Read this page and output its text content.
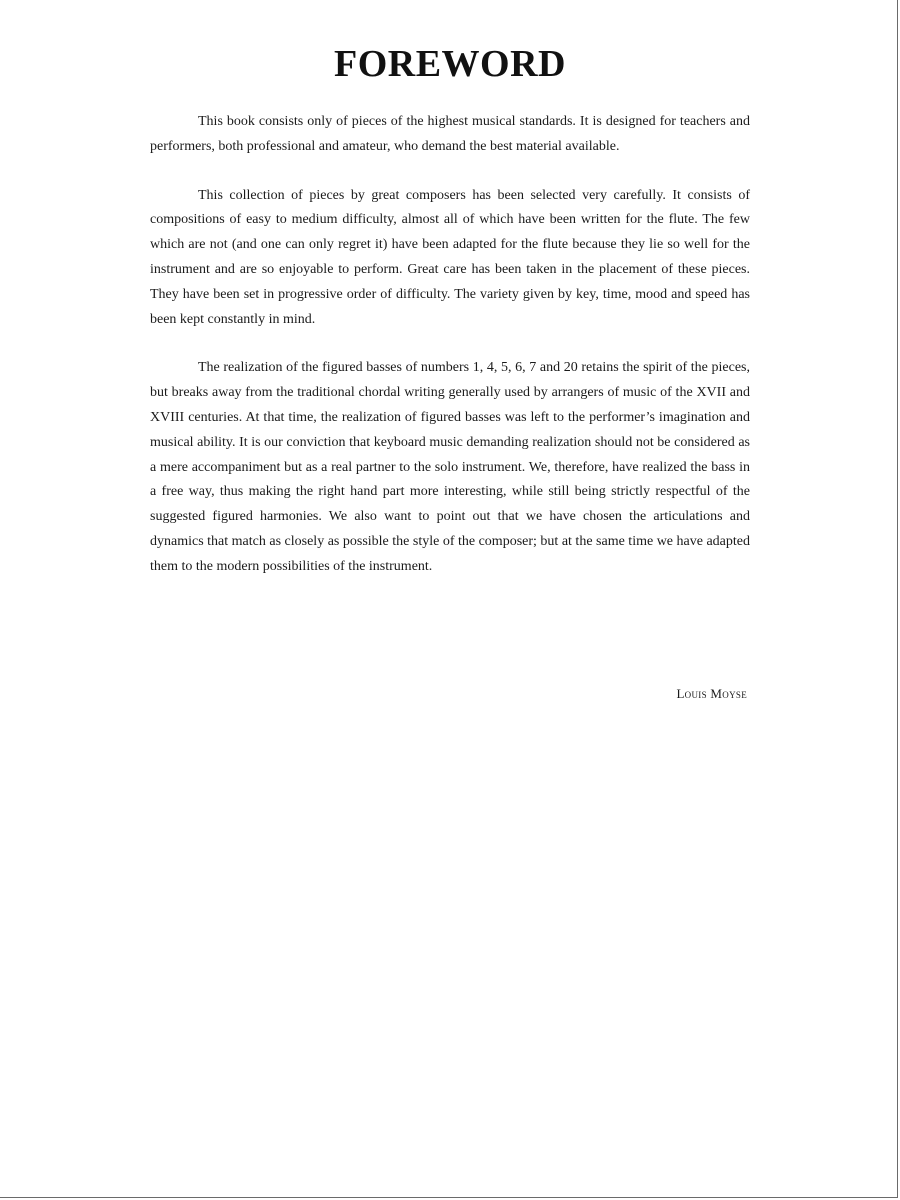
FOREWORD

This book consists only of pieces of the highest musical standards. It is designed for teachers and performers, both professional and amateur, who demand the best material available.

This collection of pieces by great composers has been selected very carefully. It consists of compositions of easy to medium difficulty, almost all of which have been written for the flute. The few which are not (and one can only regret it) have been adapted for the flute because they lie so well for the instrument and are so enjoyable to perform. Great care has been taken in the placement of these pieces. They have been set in progressive order of difficulty. The variety given by key, time, mood and speed has been kept constantly in mind.

The realization of the figured basses of numbers 1, 4, 5, 6, 7 and 20 retains the spirit of the pieces, but breaks away from the traditional chordal writing generally used by arrangers of music of the XVII and XVIII centuries. At that time, the realization of figured basses was left to the performer’s imagination and musical ability. It is our conviction that keyboard music demanding realization should not be considered as a mere accompaniment but as a real partner to the solo instrument. We, therefore, have realized the bass in a free way, thus making the right hand part more interesting, while still being strictly respectful of the suggested figured harmonies. We also want to point out that we have chosen the articulations and dynamics that match as closely as possible the style of the composer; but at the same time we have adapted them to the modern possibilities of the instrument.

Louis Moyse
